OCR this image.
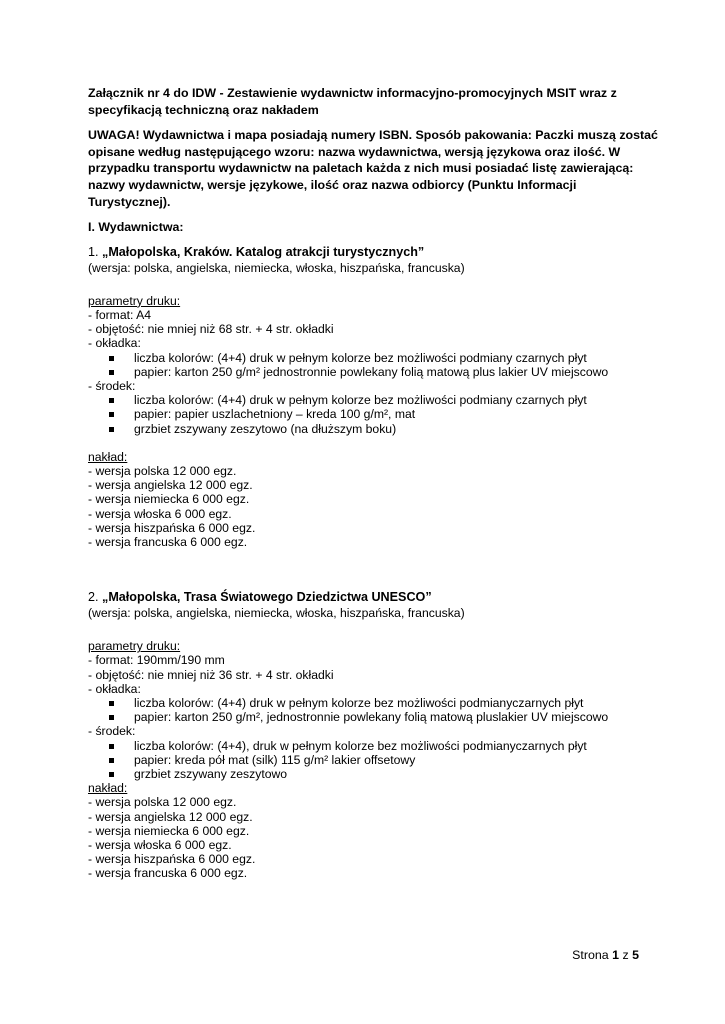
Załącznik nr 4 do IDW - Zestawienie wydawnictw informacyjno-promocyjnych MSIT wraz z specyfikacją techniczną oraz nakładem

UWAGA! Wydawnictwa i mapa posiadają numery ISBN. Sposób pakowania: Paczki muszą zostać opisane według następującego wzoru: nazwa wydawnictwa, wersją językowa oraz ilość. W przypadku transportu wydawnictw na paletach każda z nich musi posiadać listę zawierającą: nazwy wydawnictw, wersje językowe, ilość oraz nazwa odbiorcy (Punktu Informacji Turystycznej).

I. Wydawnictwa:

1. „Małopolska, Kraków. Katalog atrakcji turystycznych”

(wersja: polska, angielska, niemiecka, włoska, hiszpańska, francuska)

parametry druku:

- format: A4

- objętość: nie mniej niż 68 str. + 4 str. okładki

- okładka:

liczba kolorów: (4+4) druk w pełnym kolorze bez możliwości podmiany czarnych płyt

papier: karton 250 g/m² jednostronnie powlekany folią matową plus lakier UV miejscowo

- środek:

liczba kolorów: (4+4) druk w pełnym kolorze bez możliwości podmiany czarnych płyt

papier: papier uszlachetniony – kreda 100 g/m², mat

grzbiet zszywany zeszytowo (na dłuższym boku)

nakład:

- wersja polska 12 000 egz.

- wersja angielska 12 000 egz.

- wersja niemiecka 6 000 egz.

- wersja włoska 6 000 egz.

- wersja hiszpańska 6 000 egz.

- wersja francuska 6 000 egz.

2. „Małopolska, Trasa Światowego Dziedzictwa UNESCO”

(wersja: polska, angielska, niemiecka, włoska, hiszpańska, francuska)

parametry druku:

- format: 190mm/190 mm

- objętość: nie mniej niż 36 str. + 4 str. okładki

- okładka:

liczba kolorów: (4+4) druk w pełnym kolorze bez możliwości podmianyczarnych płyt

papier: karton 250 g/m², jednostronnie powlekany folią matową pluslakier UV miejscowo

- środek:

liczba kolorów: (4+4), druk w pełnym kolorze bez możliwości podmianyczarnych płyt

papier: kreda pół mat (silk) 115 g/m² lakier offsetowy

grzbiet zszywany zeszytowo

nakład:

- wersja polska 12 000 egz.

- wersja angielska 12 000 egz.

- wersja niemiecka 6 000 egz.

- wersja włoska 6 000 egz.

- wersja hiszpańska 6 000 egz.

- wersja francuska 6 000 egz.

Strona 1 z 5
